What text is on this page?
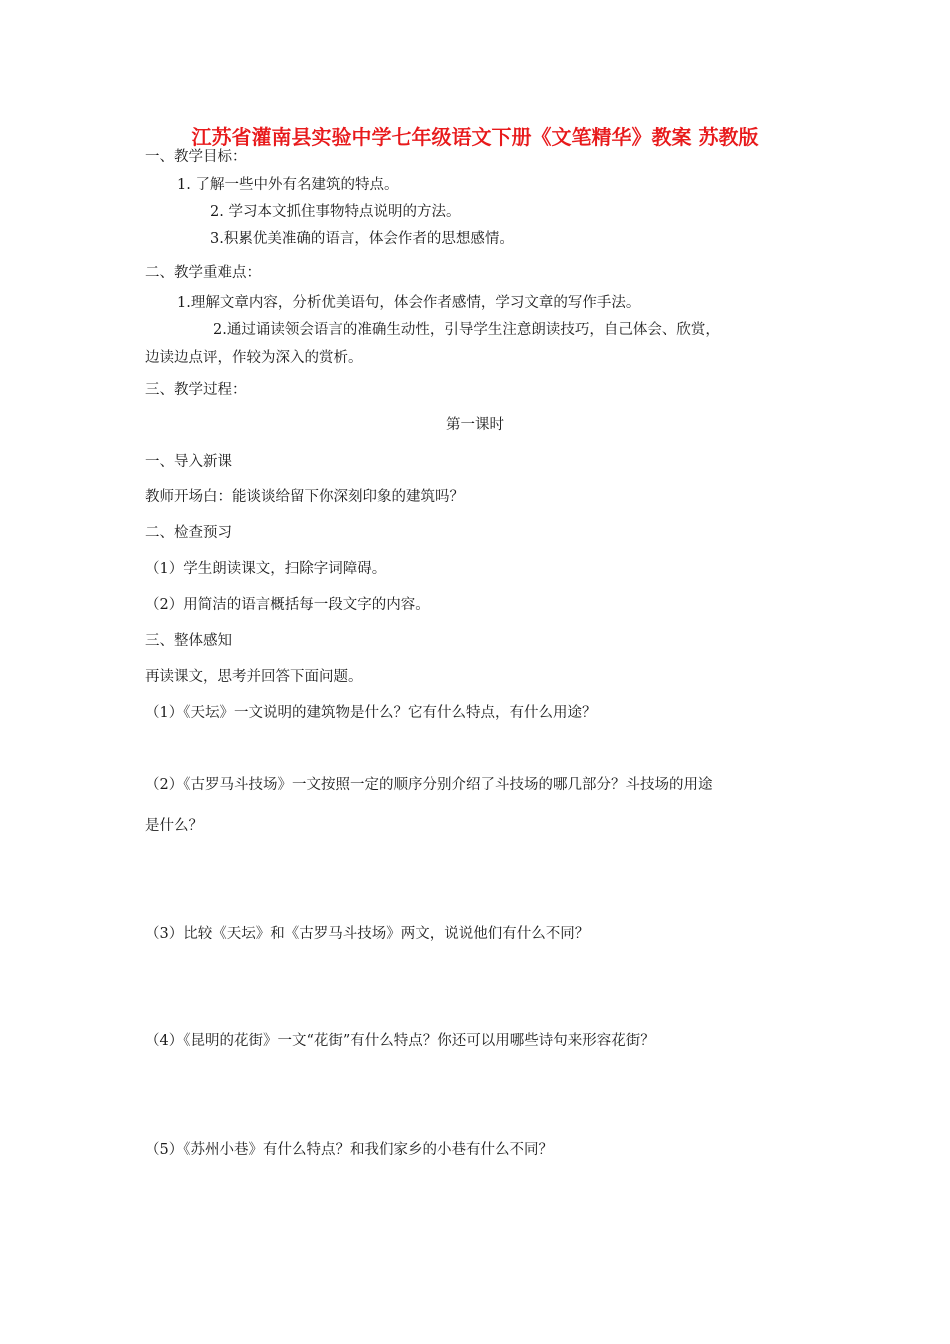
江苏省灌南县实验中学七年级语文下册《文笔精华》教案 苏教版
一、教学目标：
1. 了解一些中外有名建筑的特点。
2. 学习本文抓住事物特点说明的方法。
3.积累优美准确的语言，体会作者的思想感情。
二、教学重难点：
1.理解文章内容，分析优美语句，体会作者感情，学习文章的写作手法。
2.通过诵读领会语言的准确生动性，引导学生注意朗读技巧，自己体会、欣赏，
边读边点评，作较为深入的赏析。
三、教学过程：
第一课时
一、导入新课
教师开场白：能谈谈给留下你深刻印象的建筑吗？
二、检查预习
（1）学生朗读课文，扫除字词障碍。
（2）用简洁的语言概括每一段文字的内容。
三、整体感知
再读课文，思考并回答下面问题。
（1）《天坛》一文说明的建筑物是什么？它有什么特点，有什么用途？
（2）《古罗马斗技场》一文按照一定的顺序分别介绍了斗技场的哪几部分？斗技场的用途
是什么？
（3）比较《天坛》和《古罗马斗技场》两文，说说他们有什么不同？
（4）《昆明的花街》一文“花街”有什么特点？你还可以用哪些诗句来形容花街？
（5）《苏州小巷》有什么特点？和我们家乡的小巷有什么不同？
